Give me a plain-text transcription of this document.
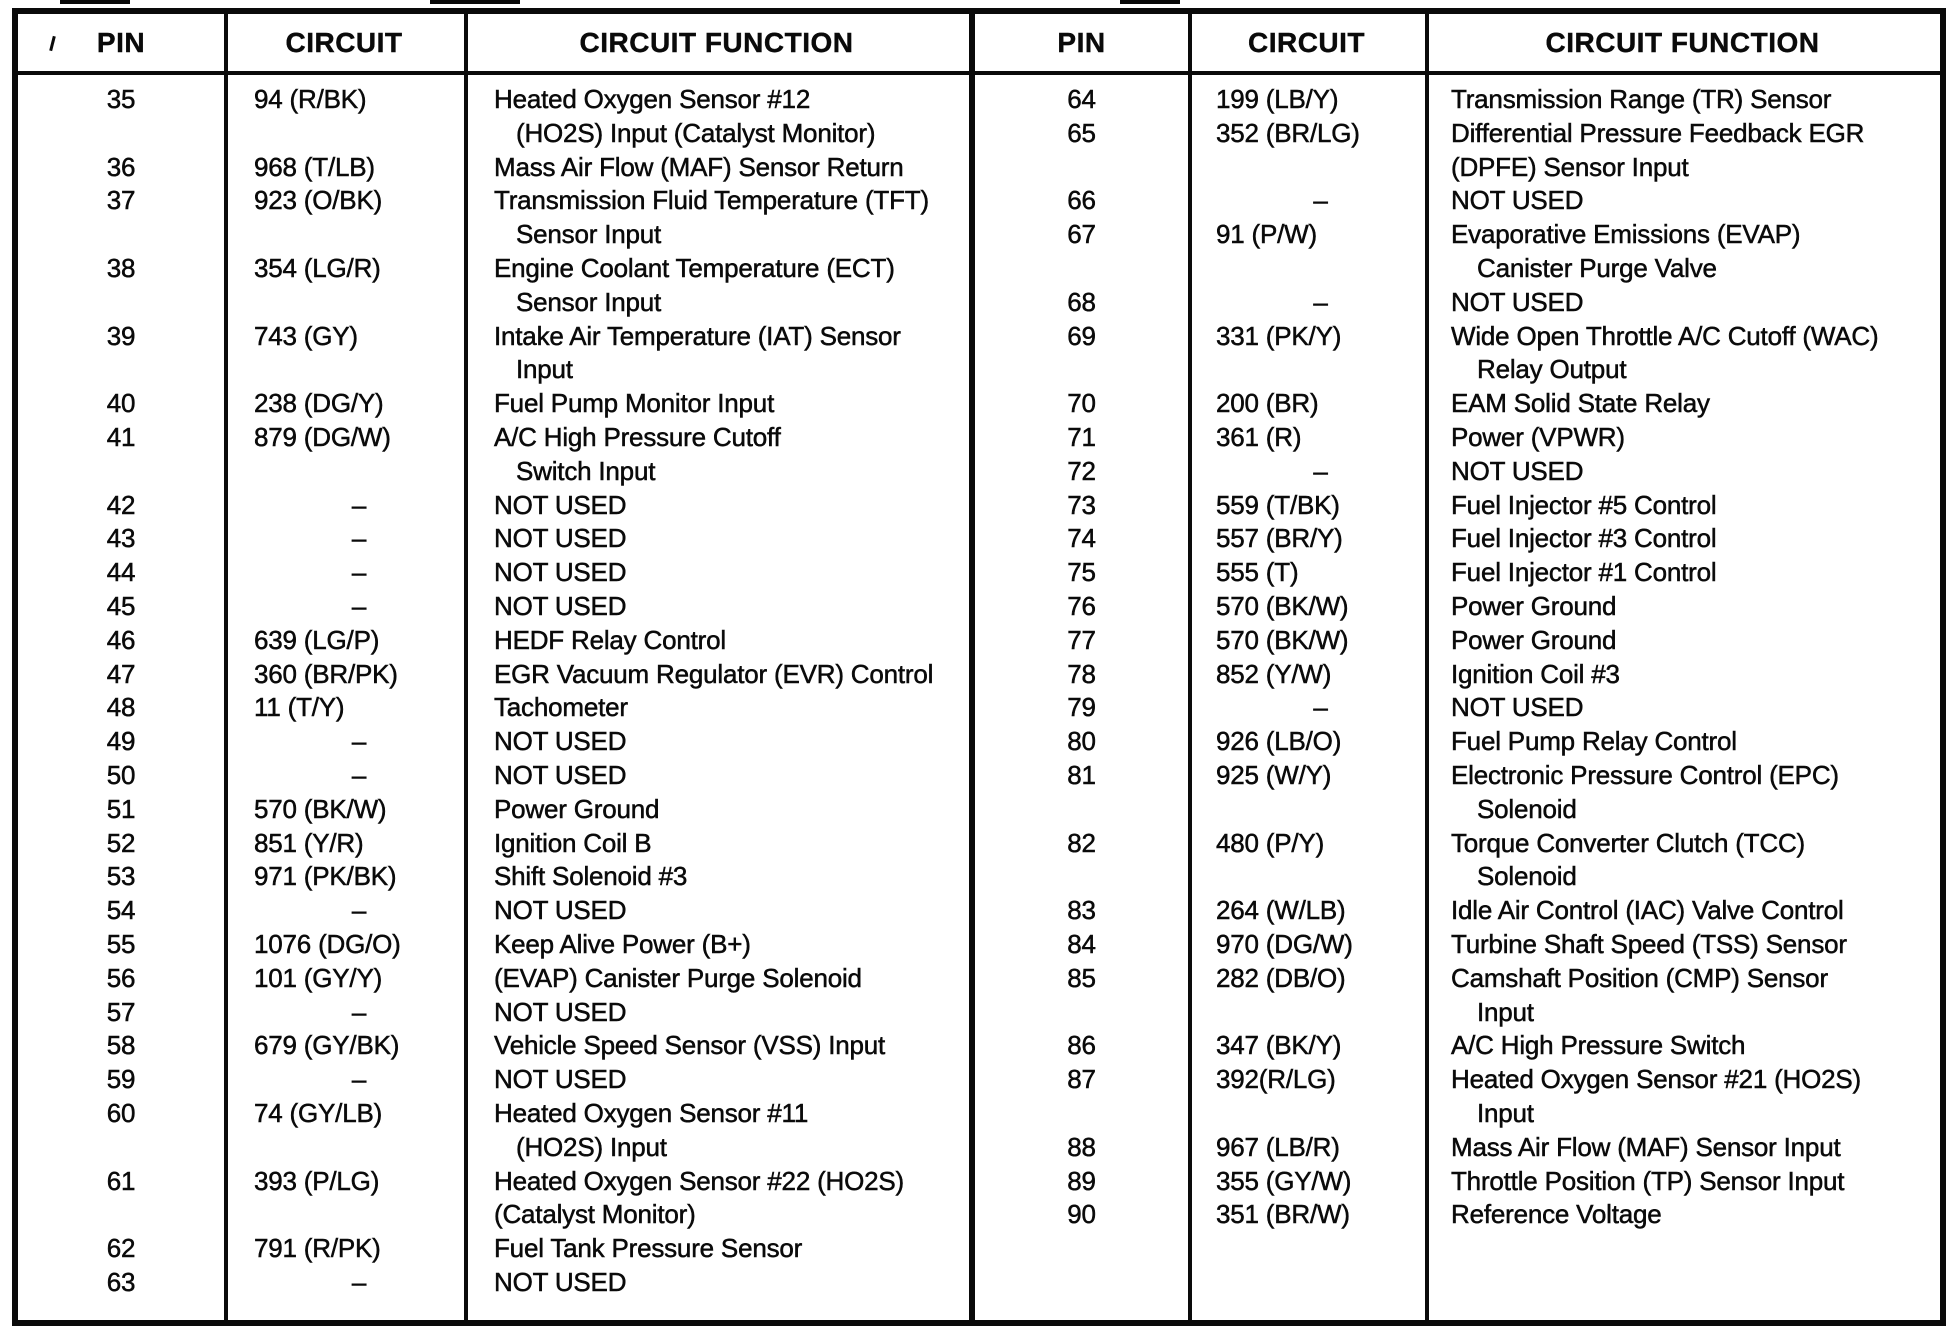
PIN	CIRCUIT	CIRCUIT FUNCTION
35	94 (R/BK)	Heated Oxygen Sensor #12
(HO2S) Input (Catalyst Monitor)
36	968 (T/LB)	Mass Air Flow (MAF) Sensor Return
37	923 (O/BK)	Transmission Fluid Temperature (TFT)
Sensor Input
38	354 (LG/R)	Engine Coolant Temperature (ECT)
Sensor Input
39	743 (GY)	Intake Air Temperature (IAT) Sensor
Input
40	238 (DG/Y)	Fuel Pump Monitor Input
41	879 (DG/W)	A/C High Pressure Cutoff
Switch Input
42	–	NOT USED
43	–	NOT USED
44	–	NOT USED
45	–	NOT USED
46	639 (LG/P)	HEDF Relay Control
47	360 (BR/PK)	EGR Vacuum Regulator (EVR) Control
48	11 (T/Y)	Tachometer
49	–	NOT USED
50	–	NOT USED
51	570 (BK/W)	Power Ground
52	851 (Y/R)	Ignition Coil B
53	971 (PK/BK)	Shift Solenoid #3
54	–	NOT USED
55	1076 (DG/O)	Keep Alive Power (B+)
56	101 (GY/Y)	(EVAP) Canister Purge Solenoid
57	–	NOT USED
58	679 (GY/BK)	Vehicle Speed Sensor (VSS) Input
59	–	NOT USED
60	74 (GY/LB)	Heated Oxygen Sensor #11
(HO2S) Input
61	393 (P/LG)	Heated Oxygen Sensor #22 (HO2S)
(Catalyst Monitor)
62	791 (R/PK)	Fuel Tank Pressure Sensor
63	–	NOT USED
PIN	CIRCUIT	CIRCUIT FUNCTION
64	199 (LB/Y)	Transmission Range (TR) Sensor
65	352 (BR/LG)	Differential Pressure Feedback EGR
(DPFE) Sensor Input
66	–	NOT USED
67	91 (P/W)	Evaporative Emissions (EVAP)
Canister Purge Valve
68	–	NOT USED
69	331 (PK/Y)	Wide Open Throttle A/C Cutoff (WAC)
Relay Output
70	200 (BR)	EAM Solid State Relay
71	361 (R)	Power (VPWR)
72	–	NOT USED
73	559 (T/BK)	Fuel Injector #5 Control
74	557 (BR/Y)	Fuel Injector #3 Control
75	555 (T)	Fuel Injector #1 Control
76	570 (BK/W)	Power Ground
77	570 (BK/W)	Power Ground
78	852 (Y/W)	Ignition Coil #3
79	–	NOT USED
80	926 (LB/O)	Fuel Pump Relay Control
81	925 (W/Y)	Electronic Pressure Control (EPC)
Solenoid
82	480 (P/Y)	Torque Converter Clutch (TCC)
Solenoid
83	264 (W/LB)	Idle Air Control (IAC) Valve Control
84	970 (DG/W)	Turbine Shaft Speed (TSS) Sensor
85	282 (DB/O)	Camshaft Position (CMP) Sensor
Input
86	347 (BK/Y)	A/C High Pressure Switch
87	392(R/LG)	Heated Oxygen Sensor #21 (HO2S)
Input
88	967 (LB/R)	Mass Air Flow (MAF) Sensor Input
89	355 (GY/W)	Throttle Position (TP) Sensor Input
90	351 (BR/W)	Reference Voltage
